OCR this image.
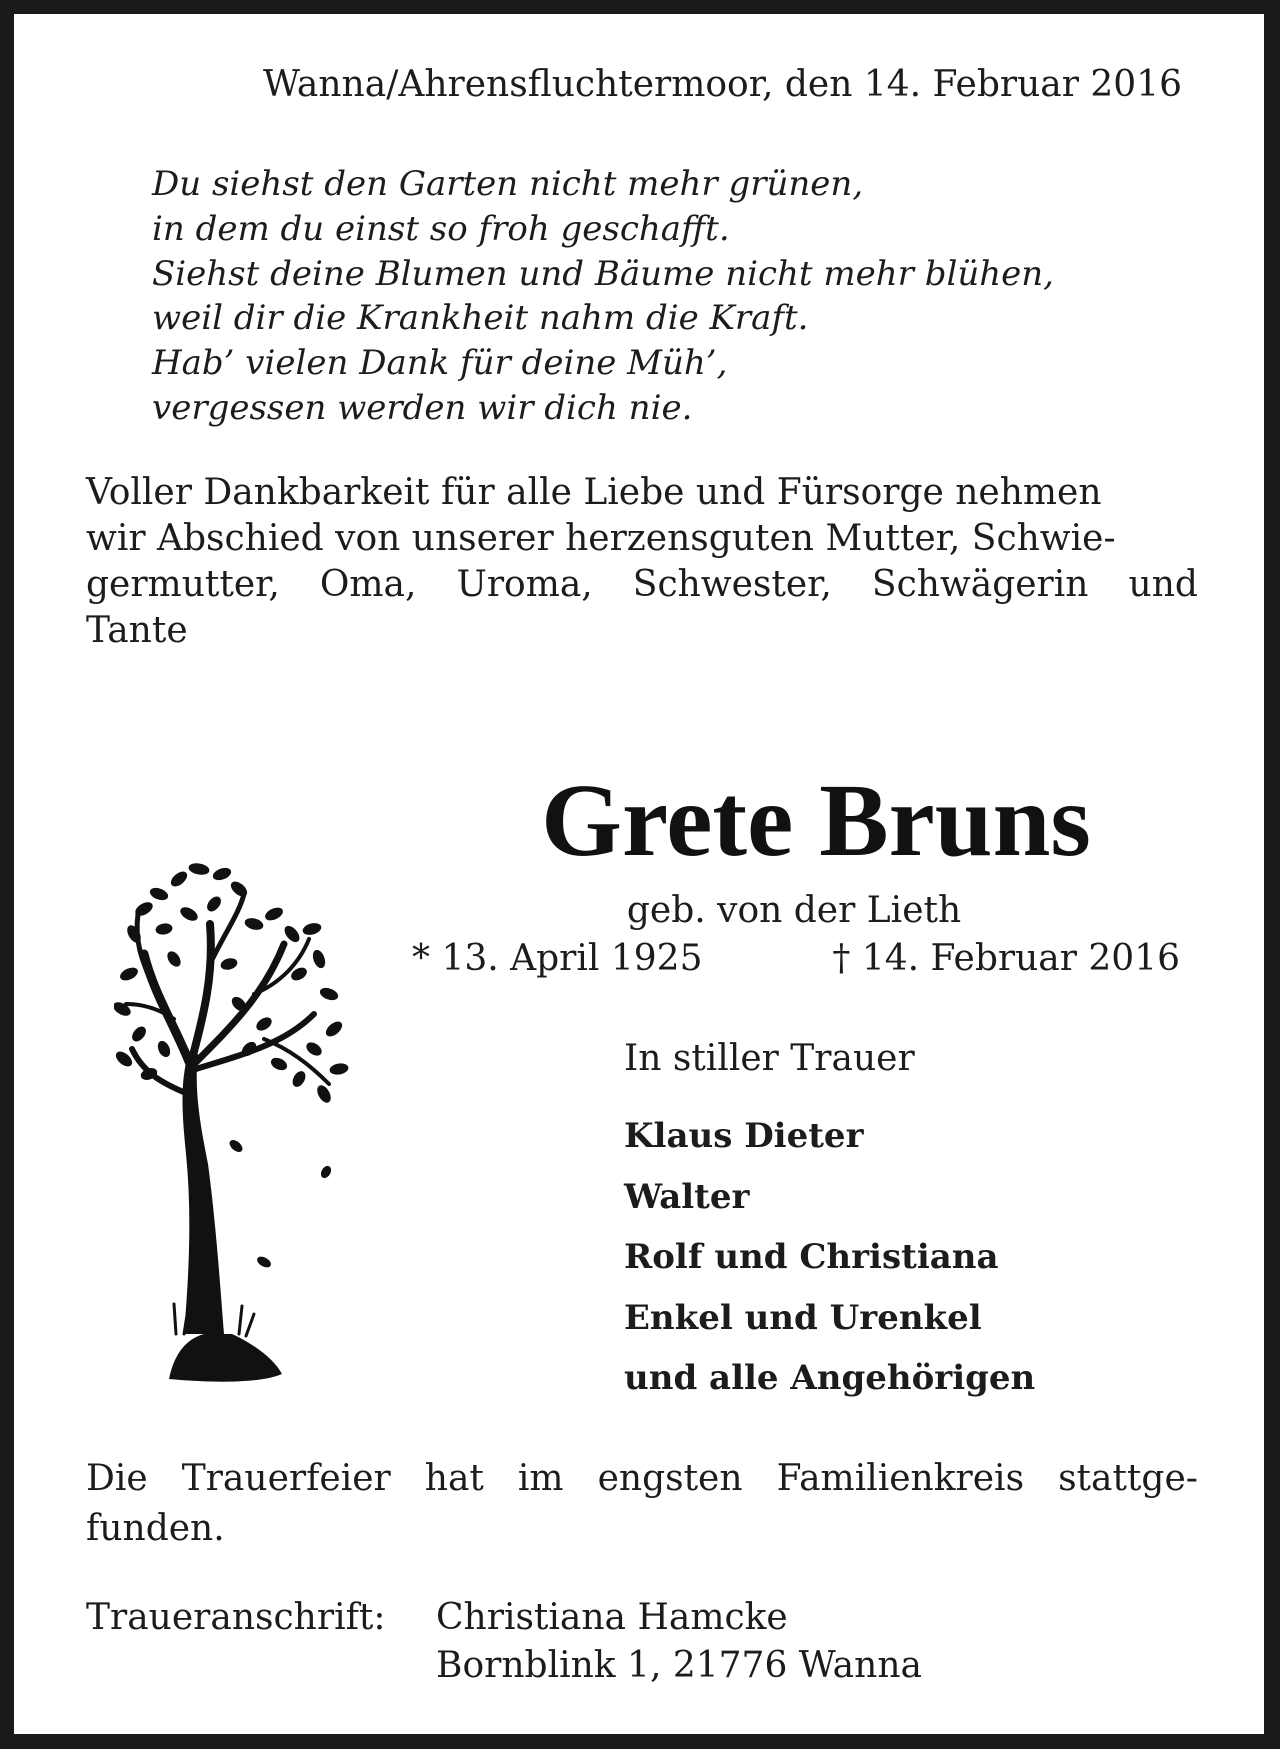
Wanna/Ahrensfluchtermoor, den 14. Februar 2016
Du siehst den Garten nicht mehr grünen,
in dem du einst so froh geschafft.
Siehst deine Blumen und Bäume nicht mehr blühen,
weil dir die Krankheit nahm die Kraft.
Hab’ vielen Dank für deine Müh’,
vergessen werden wir dich nie.
Voller Dankbarkeit für alle Liebe und Fürsorge nehmen
wir Abschied von unserer herzensguten Mutter, Schwie-
germutter, Oma, Uroma, Schwester, Schwägerin und
Tante
Grete Bruns
geb. von der Lieth
* 13. April 1925	† 14. Februar 2016
In stiller Trauer
Klaus Dieter
Walter
Rolf und Christiana
Enkel und Urenkel
und alle Angehörigen
Die Trauerfeier hat im engsten Familienkreis stattge-
funden.
Traueranschrift:	Christiana Hamcke
Bornblink 1, 21776 Wanna
